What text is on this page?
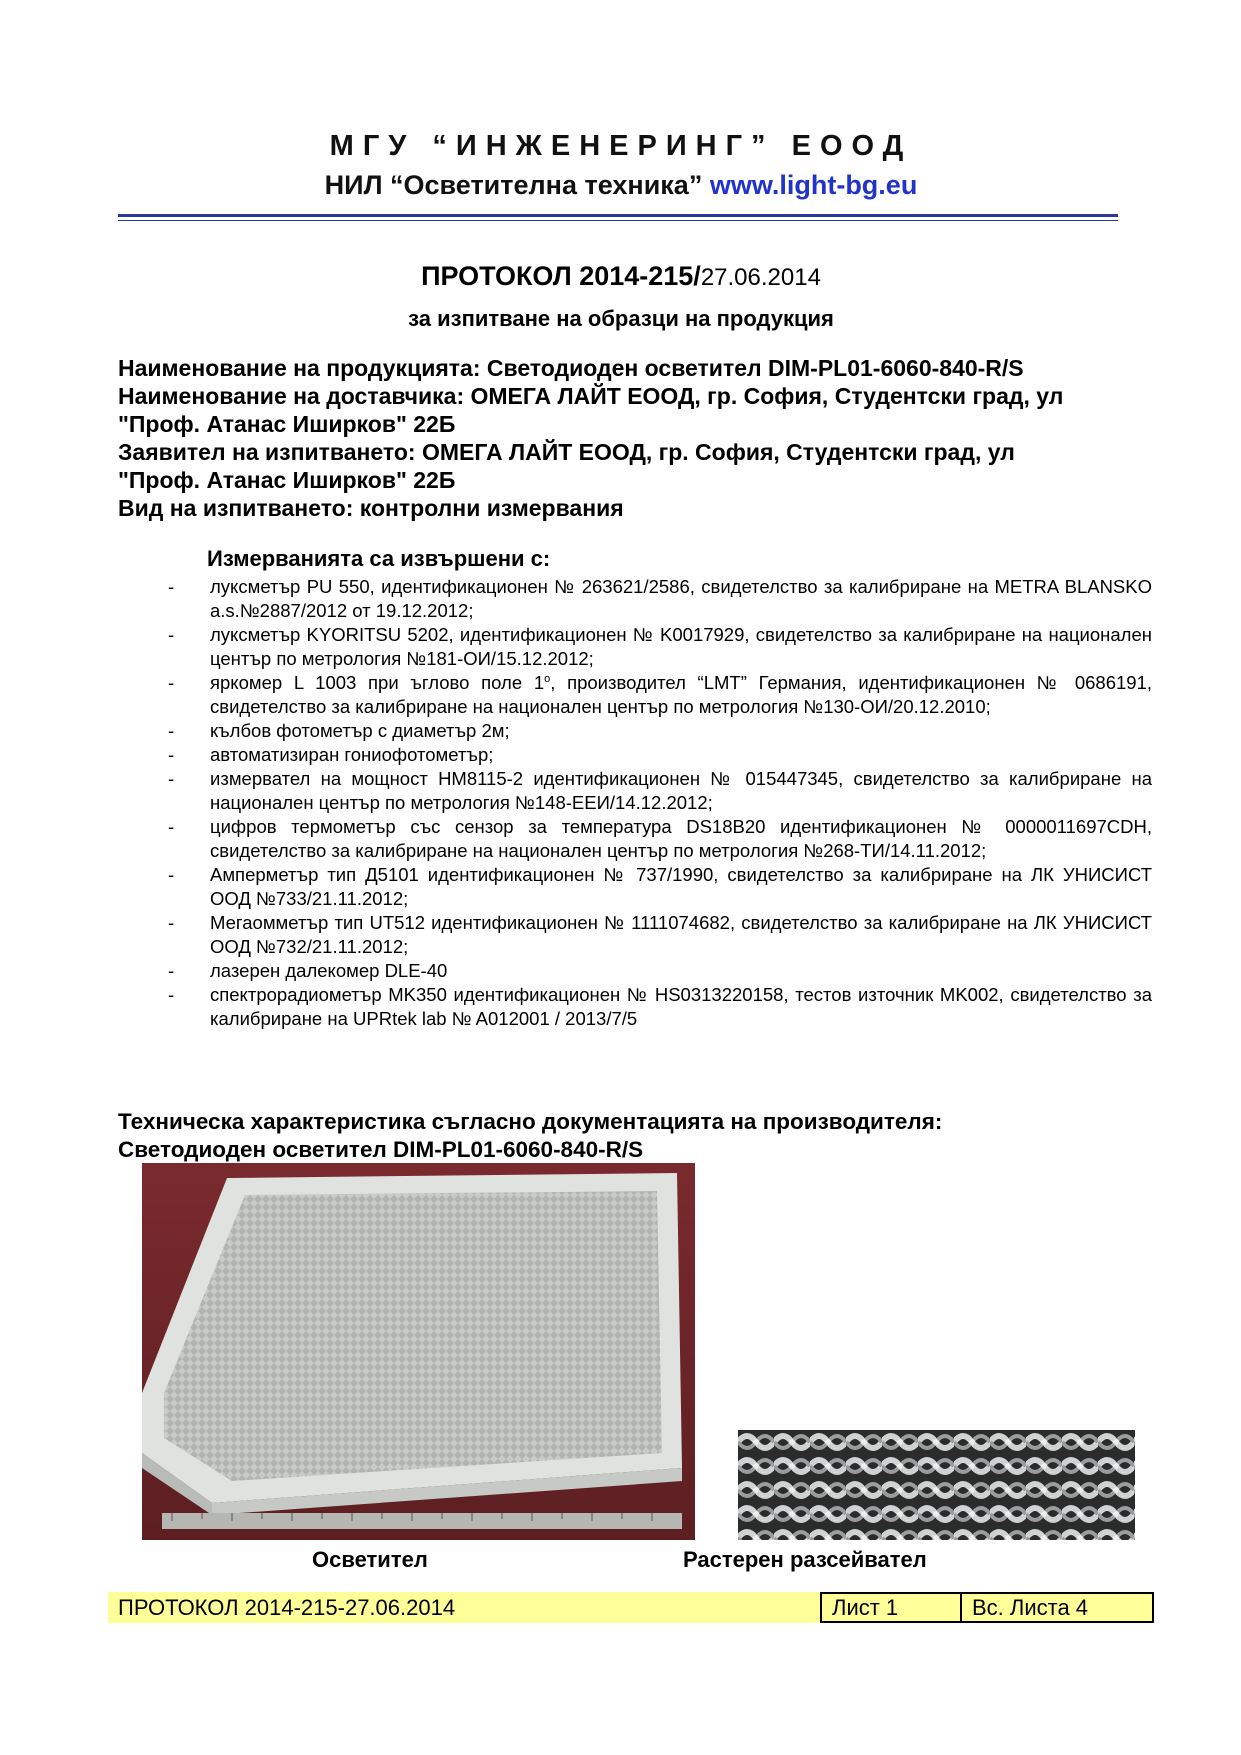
МГУ “ИНЖЕНЕРИНГ” ЕООД
НИЛ “Осветителна техника” www.light-bg.eu
ПРОТОКОЛ 2014-215/27.06.2014
за изпитване на образци на продукция

Наименование на продукцията: Светодиоден осветител DIM-PL01-6060-840-R/S

Наименование на доставчика: ОМЕГА ЛАЙТ ЕООД, гр. София, Студентски град, ул

"Проф. Атанас Иширков" 22Б

Заявител на изпитването: ОМЕГА ЛАЙТ ЕООД, гр. София, Студентски град, ул

"Проф. Атанас Иширков" 22Б

Вид на изпитването: контролни измервания

Измерванията са извършени с:
- луксметър PU 550, идентификационен № 263621/2586, свидетелство за калибриране на METRA BLANSKO a.s.№2887/2012 от 19.12.2012;
- луксметър KYORITSU 5202, идентификационен № K0017929, свидетелство за калибриране на национален център по метрология №181-ОИ/15.12.2012;
- яркомер L 1003 при ъглово поле $1^о$, производител “LMT” Германия, идентификационен № 0686191, свидетелство за калибриране на национален център по метрология №130-ОИ/20.12.2010;
- кълбов фотометър с диаметър 2м;
- автоматизиран гониофотометър;
- измервател на мощност HM8115-2 идентификационен № 015447345, свидетелство за калибриране на национален център по метрология №148-ЕЕИ/14.12.2012;
- цифров термометър със сензор за температура DS18B20 идентификационен № 0000011697CDH, свидетелство за калибриране на национален център по метрология №268-ТИ/14.11.2012;
- Амперметър тип Д5101 идентификационен № 737/1990, свидетелство за калибриране на ЛК УНИСИСТ ООД №733/21.11.2012;
- Мегаомметър тип UT512 идентификационен № 1111074682, свидетелство за калибриране на ЛК УНИСИСТ ООД №732/21.11.2012;
- лазерен далекомер DLE-40
- спектрорадиометър MK350 идентификационен № HS0313220158, тестов източник MK002, свидетелство за калибриране на UPRtek lab № A012001 / 2013/7/5

Техническа характеристика съгласно документацията на производителя:

Светодиоден осветител DIM-PL01-6060-840-R/S

Осветител	Растерен разсейвател
ПРОТОКОЛ 2014-215-27.06.2014	Лист 1	Вс. Листа 4
